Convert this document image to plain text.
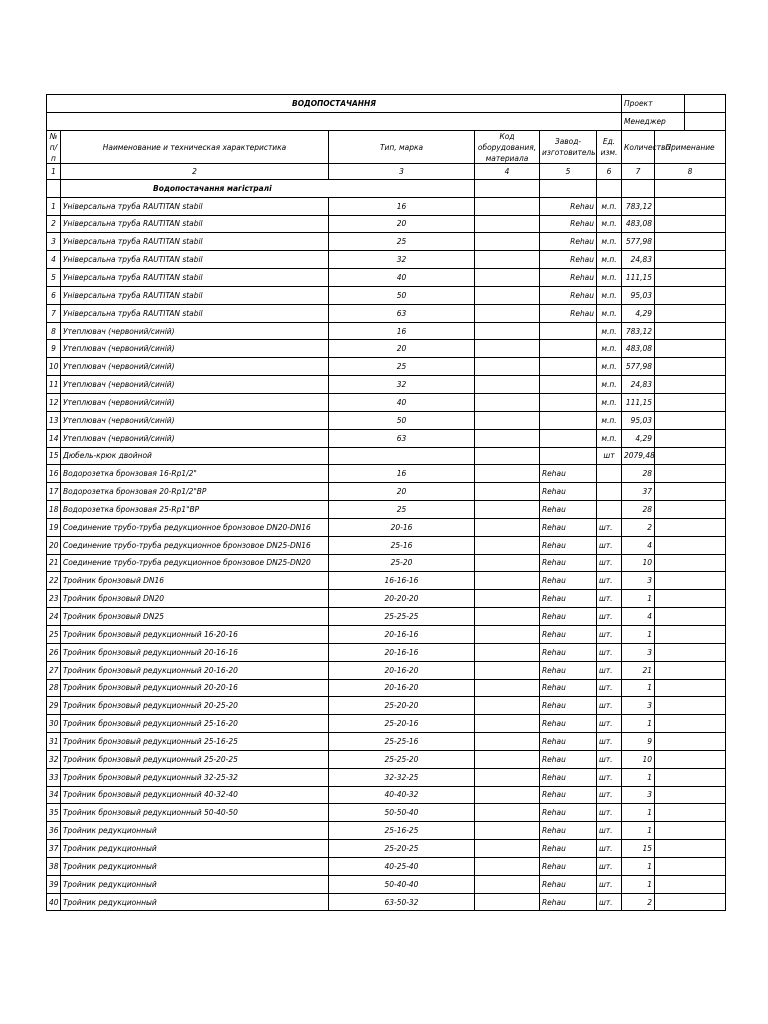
ВОДОПОСТАЧАННЯ						Проект	

Менеджер	

№ п/п	Наименование и техническая характеристика	Тип, марка	Код оборудования, материала	Завод-изготовитель	Ед. изм.	Количество	Применание
1	2	3	4	5	6	7	8
	Водопостачання магістралі						
1	Універсальна труба RAUTITAN stabil	16		Rehau	м.п.	783,12	
2	Універсальна труба RAUTITAN stabil	20		Rehau	м.п.	483,08	
3	Універсальна труба RAUTITAN stabil	25		Rehau	м.п.	577,98	
4	Універсальна труба RAUTITAN stabil	32		Rehau	м.п.	24,83	
5	Універсальна труба RAUTITAN stabil	40		Rehau	м.п.	111,15	
6	Універсальна труба RAUTITAN stabil	50		Rehau	м.п.	95,03	
7	Універсальна труба RAUTITAN stabil	63		Rehau	м.п.	4,29	
8	Утеплювач (червоний/синій)	16			м.п.	783,12	
9	Утеплювач (червоний/синій)	20			м.п.	483,08	
10	Утеплювач (червоний/синій)	25			м.п.	577,98	
11	Утеплювач (червоний/синій)	32			м.п.	24,83	
12	Утеплювач (червоний/синій)	40			м.п.	111,15	
13	Утеплювач (червоний/синій)	50			м.п.	95,03	
14	Утеплювач (червоний/синій)	63			м.п.	4,29	
15	Дюбель-крюк двойной				шт	2079,48	
16	Водорозетка бронзовая 16-Rp1/2"	16		Rehau		28	
17	Водорозетка бронзовая 20-Rp1/2"ВР	20		Rehau		37	
18	Водорозетка бронзовая 25-Rp1"ВР	25		Rehau		28	
19	Соединение трубо-труба редукционное бронзовое DN20-DN16	20-16		Rehau	шт.	2	
20	Соединение трубо-труба редукционное бронзовое DN25-DN16	25-16		Rehau	шт.	4	
21	Соединение трубо-труба редукционное бронзовое DN25-DN20	25-20		Rehau	шт.	10	
22	Тройник бронзовый DN16	16-16-16		Rehau	шт.	3	
23	Тройник бронзовый DN20	20-20-20		Rehau	шт.	1	
24	Тройник бронзовый DN25	25-25-25		Rehau	шт.	4	
25	Тройник бронзовый редукционный 16-20-16	20-16-16		Rehau	шт.	1	
26	Тройник бронзовый редукционный 20-16-16	20-16-16		Rehau	шт.	3	
27	Тройник бронзовый редукционный 20-16-20	20-16-20		Rehau	шт.	21	
28	Тройник бронзовый редукционный 20-20-16	20-16-20		Rehau	шт.	1	
29	Тройник бронзовый редукционный 20-25-20	25-20-20		Rehau	шт.	3	
30	Тройник бронзовый редукционный 25-16-20	25-20-16		Rehau	шт.	1	
31	Тройник бронзовый редукционный 25-16-25	25-25-16		Rehau	шт.	9	
32	Тройник бронзовый редукционный 25-20-25	25-25-20		Rehau	шт.	10	
33	Тройник бронзовый редукционный 32-25-32	32-32-25		Rehau	шт.	1	
34	Тройник бронзовый редукционный 40-32-40	40-40-32		Rehau	шт.	3	
35	Тройник бронзовый редукционный 50-40-50	50-50-40		Rehau	шт.	1	
36	Тройник редукционный	25-16-25		Rehau	шт.	1	
37	Тройник редукционный	25-20-25		Rehau	шт.	15	
38	Тройник редукционный	40-25-40		Rehau	шт.	1	
39	Тройник редукционный	50-40-40		Rehau	шт.	1	
40	Тройник редукционный	63-50-32		Rehau	шт.	2	
